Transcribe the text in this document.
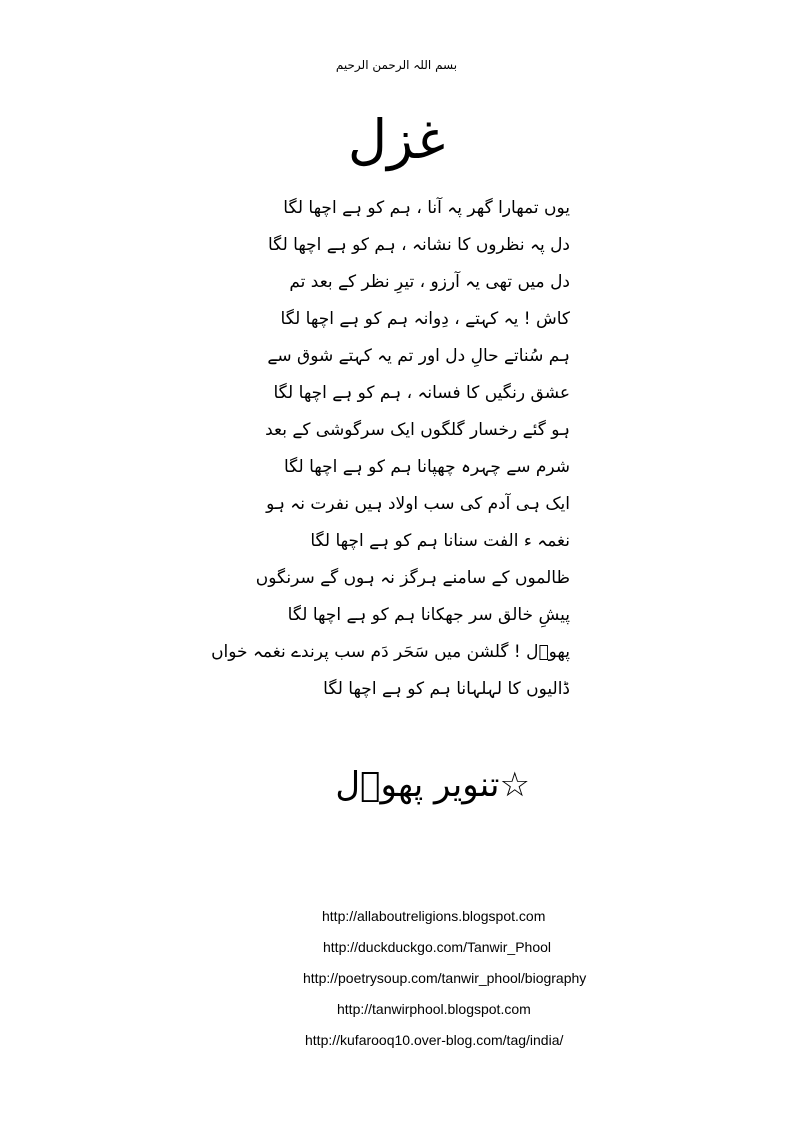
بسم اللہ الرحمن الرحیم
غزل
یوں تمھارا گھر پہ آنا ، ہم کو ہے اچھا لگا
دل پہ نظروں کا نشانہ ، ہم کو ہے اچھا لگا
دل میں تھی یہ آرزو ، تیرِ نظر کے بعد تم
کاش ! یہ کہتے ، دِوانہ ہم کو ہے اچھا لگا
ہم سُناتے حالِ دل اور تم یہ کہتے شوق سے
عشق رنگیں کا فسانہ ، ہم کو ہے اچھا لگا
ہو گئے رخسار گلگوں ایک سرگوشی کے بعد
شرم سے چہرہ چھپانا ہم کو ہے اچھا لگا
ایک ہی آدم کی سب اولاد ہیں نفرت نہ ہو
نغمہ ء الفت سنانا ہم کو ہے اچھا لگا
ظالموں کے سامنے ہرگز نہ ہوں گے سرنگوں
پیشِ خالق سر جھکانا ہم کو ہے اچھا لگا
پھوؔل ! گلشن میں سَحَر دَم سب پرندے نغمہ خواں
ڈالیوں کا لہلہانا ہم کو ہے اچھا لگا
☆تنویر پھوؔل
http://allaboutreligions.blogspot.com
http://duckduckgo.com/Tanwir_Phool
http://poetrysoup.com/tanwir_phool/biography
http://tanwirphool.blogspot.com
http://kufarooq10.over-blog.com/tag/india/
